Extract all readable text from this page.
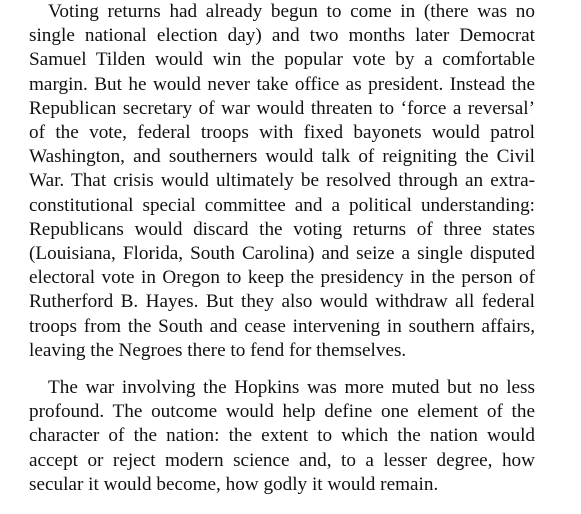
Voting returns had already begun to come in (there was no single national election day) and two months later Democrat Samuel Tilden would win the popular vote by a comfortable margin. But he would never take office as president. Instead the Republican secretary of war would threaten to ‘force a reversal’ of the vote, federal troops with fixed bayonets would patrol Washington, and southerners would talk of reigniting the Civil War. That crisis would ultimately be resolved through an extra-constitutional special committee and a political understanding: Republicans would discard the voting returns of three states (Louisiana, Florida, South Carolina) and seize a single disputed electoral vote in Oregon to keep the presidency in the person of Rutherford B. Hayes. But they also would withdraw all federal troops from the South and cease intervening in southern affairs, leaving the Negroes there to fend for themselves.

The war involving the Hopkins was more muted but no less profound. The outcome would help define one element of the character of the nation: the extent to which the nation would accept or reject modern science and, to a lesser degree, how secular it would become, how godly it would remain.
